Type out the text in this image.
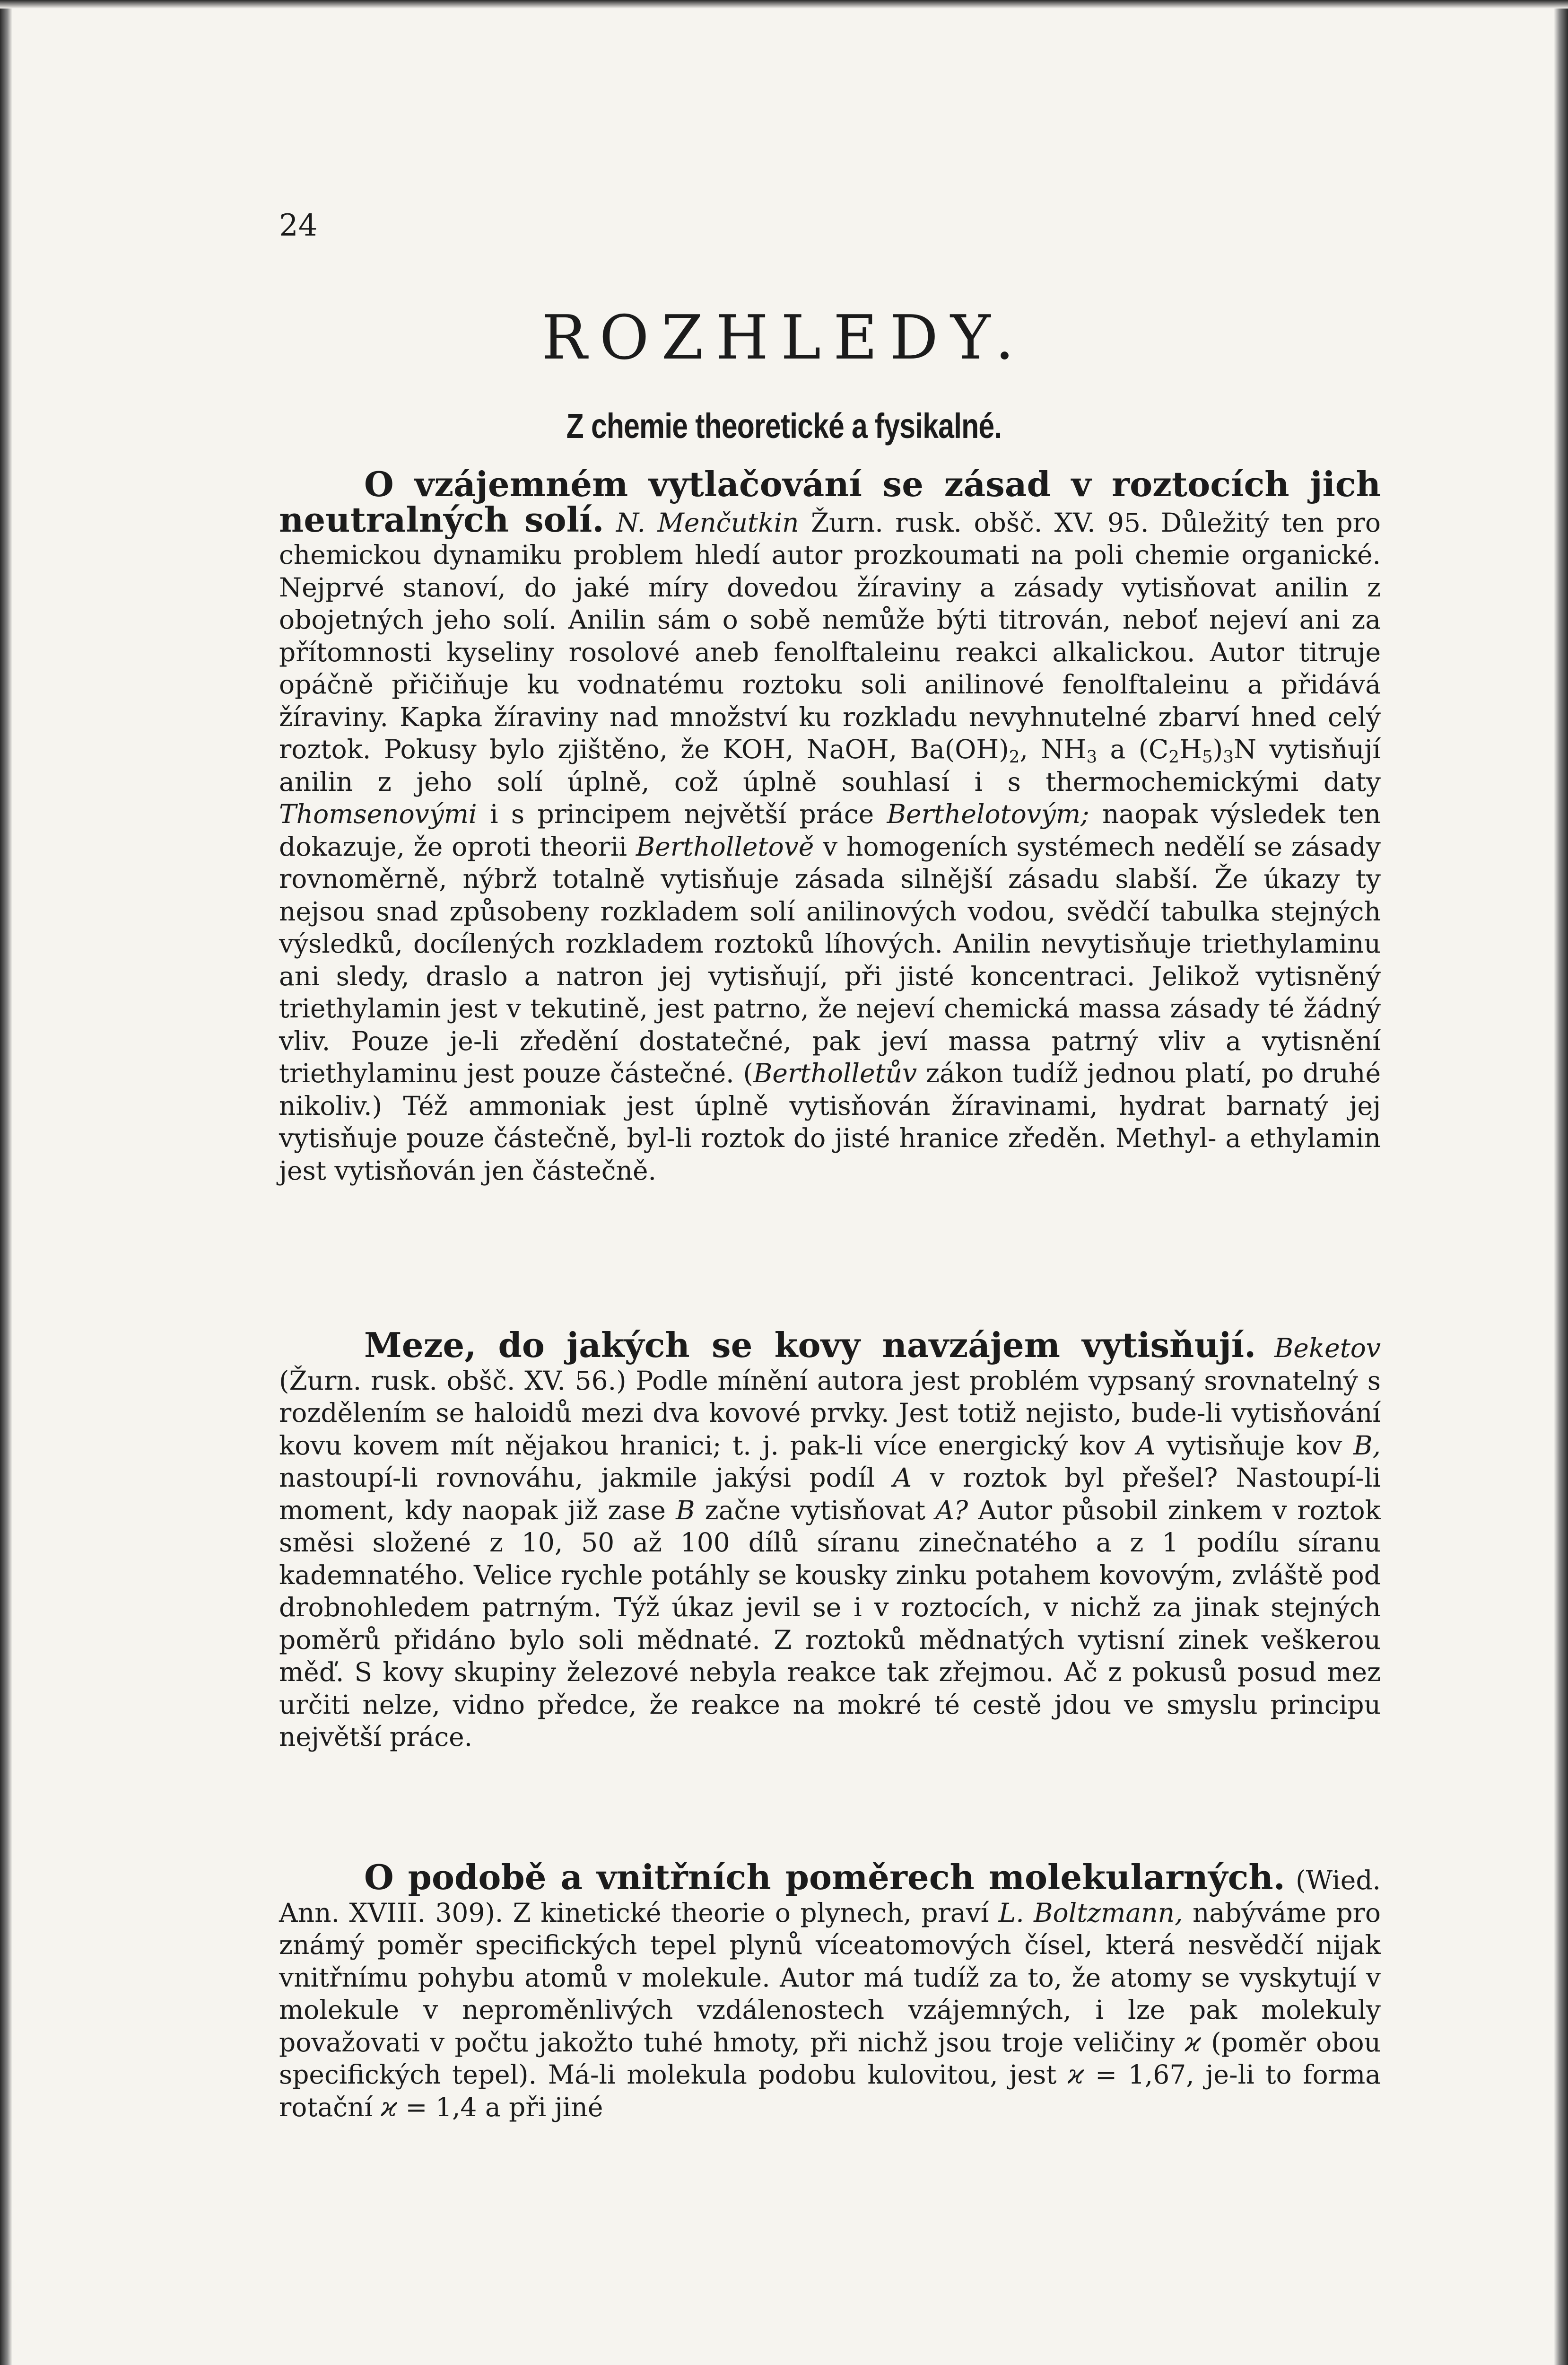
24
ROZHLEDY.
Z chemie theoretické a fysikalné.

O vzájemném vytlačování se zásad v roztocích jich neutralných solí. N. Menčutkin Žurn. rusk. obšč. XV. 95. Důležitý ten pro chemickou dynamiku problem hledí autor prozkoumati na poli chemie organické. Nejprvé stanoví, do jaké míry dovedou žíraviny a zásady vytisňovat anilin z obojetných jeho solí. Anilin sám o sobě nemůže býti titrován, neboť nejeví ani za přítomnosti kyseliny rosolové aneb fenolftaleinu reakci alkalickou. Autor titruje opáčně přičiňuje ku vodnatému roztoku soli anilinové fenolftaleinu a přidává žíraviny. Kapka žíraviny nad množství ku rozkladu nevyhnutelné zbarví hned celý roztok. Pokusy bylo zjištěno, že KOH, NaOH, $Ba(OH)_2$, $NH_3$ a $(C_2H_5)_3N$ vytisňují anilin z jeho solí úplně, což úplně souhlasí i s thermochemickými daty Thomsenovými i s principem největší práce Berthelotovým; naopak výsledek ten dokazuje, že oproti theorii Bertholletově v homogeních systémech nedělí se zásady rovnoměrně, nýbrž totalně vytisňuje zásada silnější zásadu slabší. Že úkazy ty nejsou snad způsobeny rozkladem solí anilinových vodou, svědčí tabulka stejných výsledků, docílených rozkladem roztoků líhových. Anilin nevytisňuje triethylaminu ani sledy, draslo a natron jej vytisňují, při jisté koncentraci. Jelikož vytisněný triethylamin jest v tekutině, jest patrno, že nejeví chemická massa zásady té žádný vliv. Pouze je-li zředění dostatečné, pak jeví massa patrný vliv a vytisnění triethylaminu jest pouze částečné. (Bertholletův zákon tudíž jednou platí, po druhé nikoliv.) Též ammoniak jest úplně vytisňován žíravinami, hydrat barnatý jej vytisňuje pouze částečně, byl-li roztok do jisté hranice zředěn. Methyl- a ethylamin jest vytisňován jen částečně.

Meze, do jakých se kovy navzájem vytisňují. Beketov (Žurn. rusk. obšč. XV. 56.) Podle mínění autora jest problém vypsaný srovnatelný s rozdělením se haloidů mezi dva kovové prvky. Jest totiž nejisto, bude-li vytisňování kovu kovem mít nějakou hranici; t. j. pak-li více energický kov A vytisňuje kov B, nastoupí-li rovnováhu, jakmile jakýsi podíl A v roztok byl přešel? Nastoupí-li moment, kdy naopak již zase B začne vytisňovat A? Autor působil zinkem v roztok směsi složené z 10, 50 až 100 dílů síranu zinečnatého a z 1 podílu síranu kademnatého. Velice rychle potáhly se kousky zinku potahem kovovým, zvláště pod drobnohledem patrným. Týž úkaz jevil se i v roztocích, v nichž za jinak stejných poměrů přidáno bylo soli mědnaté. Z roztoků mědnatých vytisní zinek veškerou měď. S kovy skupiny železové nebyla reakce tak zřejmou. Ač z pokusů posud mez určiti nelze, vidno předce, že reakce na mokré té cestě jdou ve smyslu principu největší práce.

O podobě a vnitřních poměrech molekularných. (Wied. Ann. XVIII. 309). Z kinetické theorie o plynech, praví L. Boltzmann, nabýváme pro známý poměr specifických tepel plynů víceatomových čísel, která nesvědčí nijak vnitřnímu pohybu atomů v molekule. Autor má tudíž za to, že atomy se vyskytují v molekule v neproměnlivých vzdálenostech vzájemných, i lze pak molekuly považovati v počtu jakožto tuhé hmoty, při nichž jsou troje veličiny ϰ (poměr obou specifických tepel). Má-li molekula podobu kulovitou, jest ϰ = 1,67, je-li to forma rotační ϰ = 1,4 a při jiné
